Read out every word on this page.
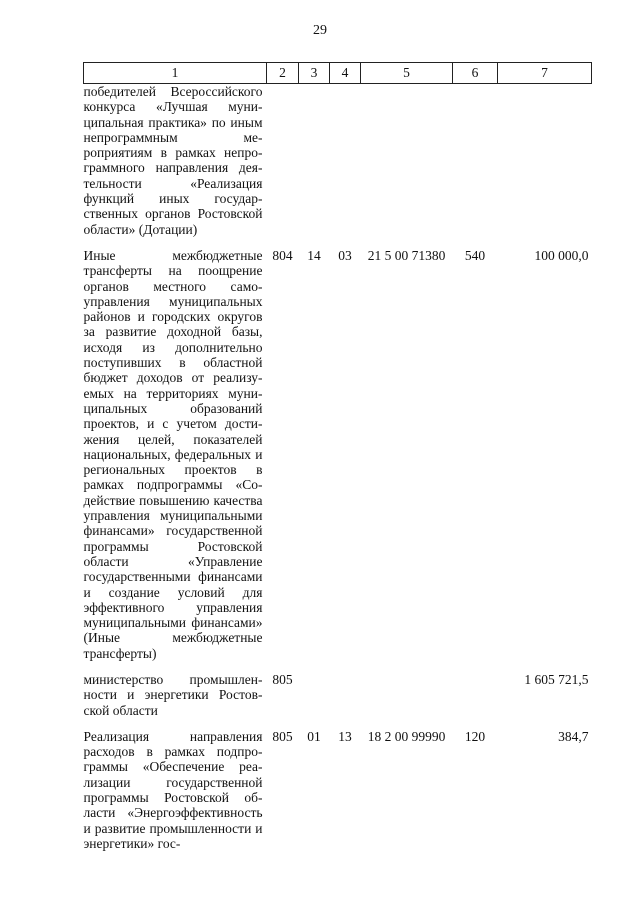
29
1	2	3	4	5	6	7
победителей Всероссийского конкурса «Лучшая муниципальная практика» по иным непрограммным мероприятиям в рамках непрограммного направления деятельности «Реализация функций иных государственных органов Ростовской области» (Дотации)						

Иные межбюджетные трансферты на поощрение органов местного самоуправления муниципальных районов и городских округов за развитие доходной базы, исходя из дополнительно поступивших в областной бюджет доходов от реализуемых на территориях муниципальных образований проектов, и с учетом достижения целей, показателей национальных, федеральных и региональных проектов в рамках подпрограммы «Содействие повышению качества управления муниципальными финансами» государственной программы Ростовской области «Управление государственными финансами и создание условий для эффективного управления муниципальными финансами» (Иные межбюджетные трансферты)	804	14	03	21 5 00 71380	540	100 000,0

министерство промышленности и энергетики Ростовской области	805					1 605 721,5

Реализация направления расходов в рамках подпрограммы «Обеспечение реализации государственной программы Ростовской области «Энергоэффективность и развитие промышленности и энергетики» гос-	805	01	13	18 2 00 99990	120	384,7
